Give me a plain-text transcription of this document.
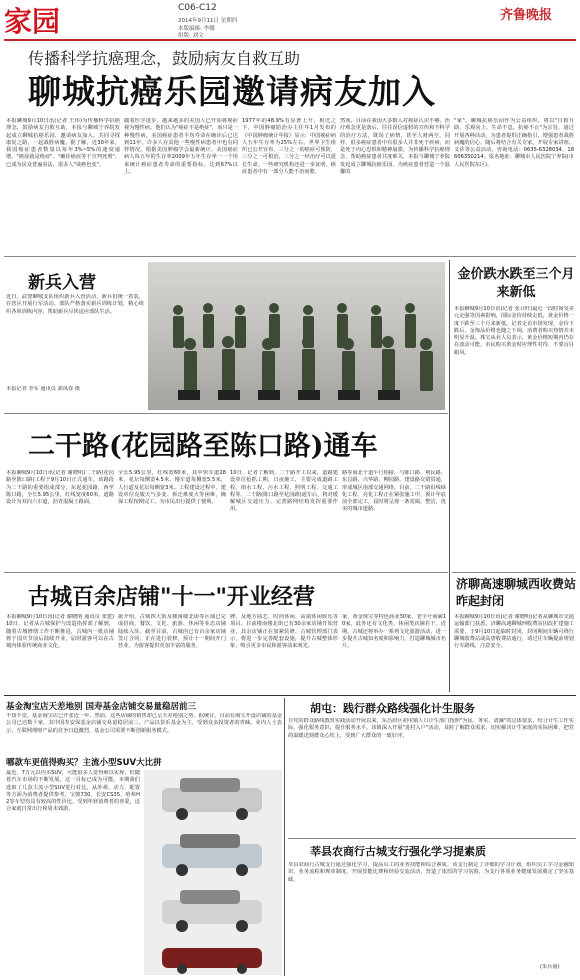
家园	C06-C12
2014年9月11日 星期四
本版编辑: 李娜
组版: 刘文
齐鲁晚报
传播科学抗癌理念，鼓励病友自救互助
聊城抗癌乐园邀请病友加入
本报聊城9月10日讯(记者 王伟)为传播科学抗癌理念，鼓励病友自救互助，本报与聊城宁养院发起成立聊城抗癌乐园，邀请病友加入。共同寻找康复之路，一起战胜病魔。据了解，近30年来，我国癌症患者数量以每年3%~5%的速度递增。"癌症就是绝症"、"确诊癌症等于宣判死刑"，已成为民众普遍看法，很多人"谈癌色变"。
随着医学进步，越来越多的美国人已开始将癌症视为慢性病。他们认为"癌症不是绝症"，而只是一种慢性病。美国癌症患者平均寿命在确诊后已达到11年。许多人在其他一些慢性病患者中也有同样情况。根据美国肿瘤学会最新统计，美国癌症病人每五年的生存率2009年五年生存率一一个用来统计癌症患者寿命的重要指标，达到67%以上。
1977年的48.9%有显著上升，相比之下，中国肿瘤防治办主任年1月发布的《中国肿瘤统计年报》显示：中国癌症病人五年生存率为25%左右。世界卫生组织已公开宣布，三分之一的癌症可预防，三分之一可根治，三分之一经治疗可以延长生命。一些研究机构还进一步证明，癌症患者中有一部分人能不治而愈。
然而，目前在我国大多数人对癌症认识不够，治疗观念更是落后，往往误信虚假的宣传和不科学的治疗方法，耽误了病情，甚至人财两空。同样，很多癌症患者中有很多人并非死于疾病，而是死于内心恐惧和精神崩溃。为传播科学抗癌理念，帮助癌症患者共度难关，本报与聊城宁养院发起成立聊城抗癌乐园，为癌症患者营造一个温馨的
"家"。聊城抗癌乐园作为公益组织，将以"自救互助、乐观向上、生命不息，抗癌不止"为宗旨，通过开展各种活动，为患者提供正确指引，增强患者战胜病魔的信心。随后将结合有关专家，开展专家讲座、义诊等公益活动。咨询电话：0635-6328034、18606350214。报名地址：聊城市人民医院宁养院(市人民医院东区)。
新兵入营
近日，武警聊城支队组织新兵入营活动，新兵们统一着装，在营区开展行军活动。部队严格落实新兵训练计划，精心组织各项训练内容，帮助新兵尽快适应部队生活。
本报记者 李军 通讯员 郭凤春 摄
金价跌水跌至三个月来新低
本报聊城9月10日讯(记者 张召旺)最近一段时间受美元走强等因素影响，国际金价持续走低，黄金价格一度下跌至三个月来新低。记者走访市场发现，金价下跌后，金饰品价格也随之下调，消费者购买热情并未明显升温。珠宝从业人员表示，黄金价格短期内仍存在波动可能，市民购买黄金时应理性对待，不要盲目跟风。
二干路(花园路至陈口路)通车
本报聊城9月10日讯(记者 谢晓明)二干路(花园路至陈口路)工程于9月10日正式通车。该路段为二干路的重要组成部分，东起花园路，西至陈口路，全长5.95公里，红线宽度60米，道路设计为双向六车道，沥青混凝土路面。
全长5.95公里，红线宽60米，其中快车道28米，花坛每侧宽4.5米，慢车道每侧宽5.5米，人行道及花坛每侧宽3米。工程建设过程中，建设单位克服天气多变、拆迁难度大等困难，确保工程按期完工，为市民出行提供了便利。
10日，记者了解到，二干路开工以来，道路建设单位抢抓工期，日夜施工，主要完成道路工程、雨水工程、污水工程、照明工程、交通工程等。二干路(陈口路至花园路)通车后，将对缓解城区交通压力、完善路网结构发挥重要作用。
路等南北干道平行相接，与陈口路、利民路、东昌路、兴华路、柳园路、建设路交错贯通，形成城区南部交通网络。目前，二干路沿线绿化工程、亮化工程正在紧张施工中，预计年底前全部完工，届时将呈现一条宽阔、整洁、优美的城市道路。
济聊高速聊城西收费站昨起封闭
本报聊城9月10日讯(记者 谢晓明)记者从聊城市交通运输部门获悉，济聊高速聊城西收费站因改扩建施工需要，于9月10日起临时封闭，封闭期间车辆可绕行聊城收费站或高唐收费站通行，请过往车辆提前规划行车路线，注意安全。
古城百余店铺"十一"开业经营
本报聊城9月10日讯(记者 谢晓明 通讯员 张建)10日，记者从古城保护与改造指挥部了解到，随着古城修缮工作不断推进，古城内一批店铺将于国庆节前后陆续开业，届时游客可以在古城内体验传统商业文化。
据介绍，古城四大街及楼南楼北街等区域已完成招商，餐饮、文化、旅游、休闲等业态店铺陆续入驻。截至目前，古城内已有百余家店铺签订合同，正在进行装修，预计十一期间开门营业，为游客提供更加丰富的服务。
牌，及地方曲艺、时尚休闲、高端休闲娱乐等项目。目前楼南楼北街已有30余家店铺开始营业，其余店铺正在加紧装修。古城管理部门表示，将进一步完善配套设施，提升古城整体形象，吸引更多市民和游客前来观光。
家、黄金珠宝等特色商业30家，老字号商铺10家，此外还有文化类、休闲类店铺若干。近期，古城还将举办一系列文化旅游活动，进一步提升古城知名度和影响力，打造聊城城市名片。
基金淘宝店天差地别 国寿基金店铺交易量稳居前三
不知不觉，基金淘宝店已开张近一年。然而，这些店铺的销售却已呈天差地别之势。据统计，目前在淘宝开设店铺的基金公司已达数十家，其中国寿安保基金店铺交易量稳居前三，产品以货币基金为主，受到众多投资者的青睐。业内人士表示，互联网理财产品的竞争日趋激烈，基金公司需要不断创新服务模式。
哪款车更值得购买？主流小型SUV大比拼
最近，7万元以内买SUV，可能很多人觉得难以实现，但随着汽车市场的不断发展，这一目标已成为可能。本期我们选取了几款主流小型SUV进行对比，从外观、动力、配置等方面为消费者提供参考。宝骏730、长安CS35、哈弗H2等车型均具有较高的性价比，受到年轻消费者的喜爱，适合家庭日常出行和周末郊游。
胡屯：践行群众路线强化计生服务
自党的群众路线教育实践活动开展以来，东昌府区胡屯镇人口计生部门按照"为民、务实、清廉"的总体要求，结合计生工作实际，强化服务意识，提升服务水平。该镇深入开展"进村入户"活动，及时了解群众需求，切实解决计生家庭的实际困难，把党的温暖送到群众心坎上，受到广大群众的一致好评。
莘县农商行古城支行强化学习提素质
莘县农商行古城支行通过强化学习，提高员工的业务技能和综合素质。该支行制定了详细的学习计划，组织员工学习金融知识、业务流程和规章制度，开展技能比赛和经验交流活动，营造了浓厚的学习氛围，为支行各项业务健康发展奠定了坚实基础。
(朱兵丽)
